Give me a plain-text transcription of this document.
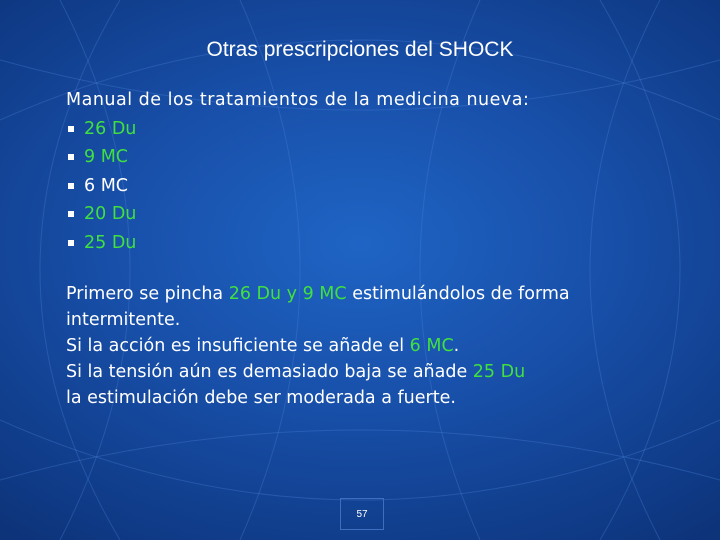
Otras prescripciones del SHOCK
Manual de los tratamientos de la medicina nueva:
26 Du
9 MC
6 MC
20 Du
25 Du
Primero se pincha 26 Du y 9 MC estimulándolos de forma intermitente.
Si la acción es insuficiente se añade el 6 MC.
Si la tensión aún es demasiado baja se añade 25 Du
la estimulación debe ser moderada a fuerte.
57
